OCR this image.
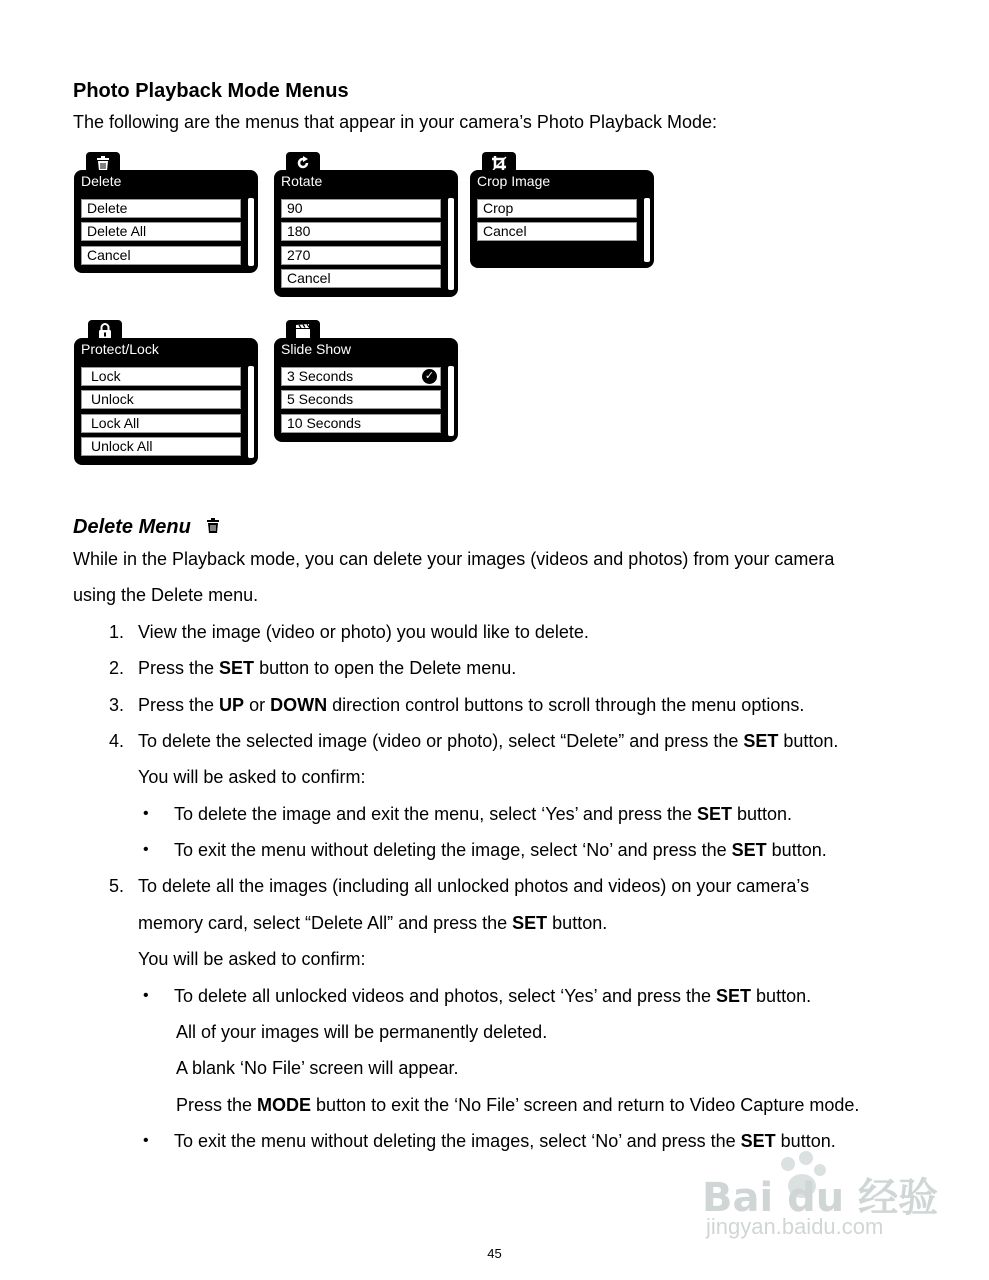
Photo Playback Mode Menus

The following are the menus that appear in your camera’s Photo Playback Mode:

Delete
Delete
Delete All
Cancel
Rotate
90
180
270
Cancel
Crop Image
Crop
Cancel
Protect/Lock
Lock
Unlock
Lock All
Unlock All
Slide Show
3 Seconds	✓
5 Seconds
10 Seconds
Delete Menu
While in the Playback mode, you can delete your images (videos and photos) from your camera
using the Delete menu.
1. View the image (video or photo) you would like to delete.
2. Press the SET button to open the Delete menu.
3. Press the UP or DOWN direction control buttons to scroll through the menu options.
4. To delete the selected image (video or photo), select “Delete” and press the SET button.
You will be asked to confirm:
• To delete the image and exit the menu, select ‘Yes’ and press the SET button.
• To exit the menu without deleting the image, select ‘No’ and press the SET button.
5. To delete all the images (including all unlocked photos and videos) on your camera’s
memory card, select “Delete All” and press the SET button.
You will be asked to confirm:
• To delete all unlocked videos and photos, select ‘Yes’ and press the SET button.
All of your images will be permanently deleted.
A blank ‘No File’ screen will appear.
Press the MODE button to exit the ‘No File’ screen and return to Video Capture mode.
• To exit the menu without deleting the images, select ‘No’ and press the SET button.
Bai du 经验
jingyan.baidu.com
45
